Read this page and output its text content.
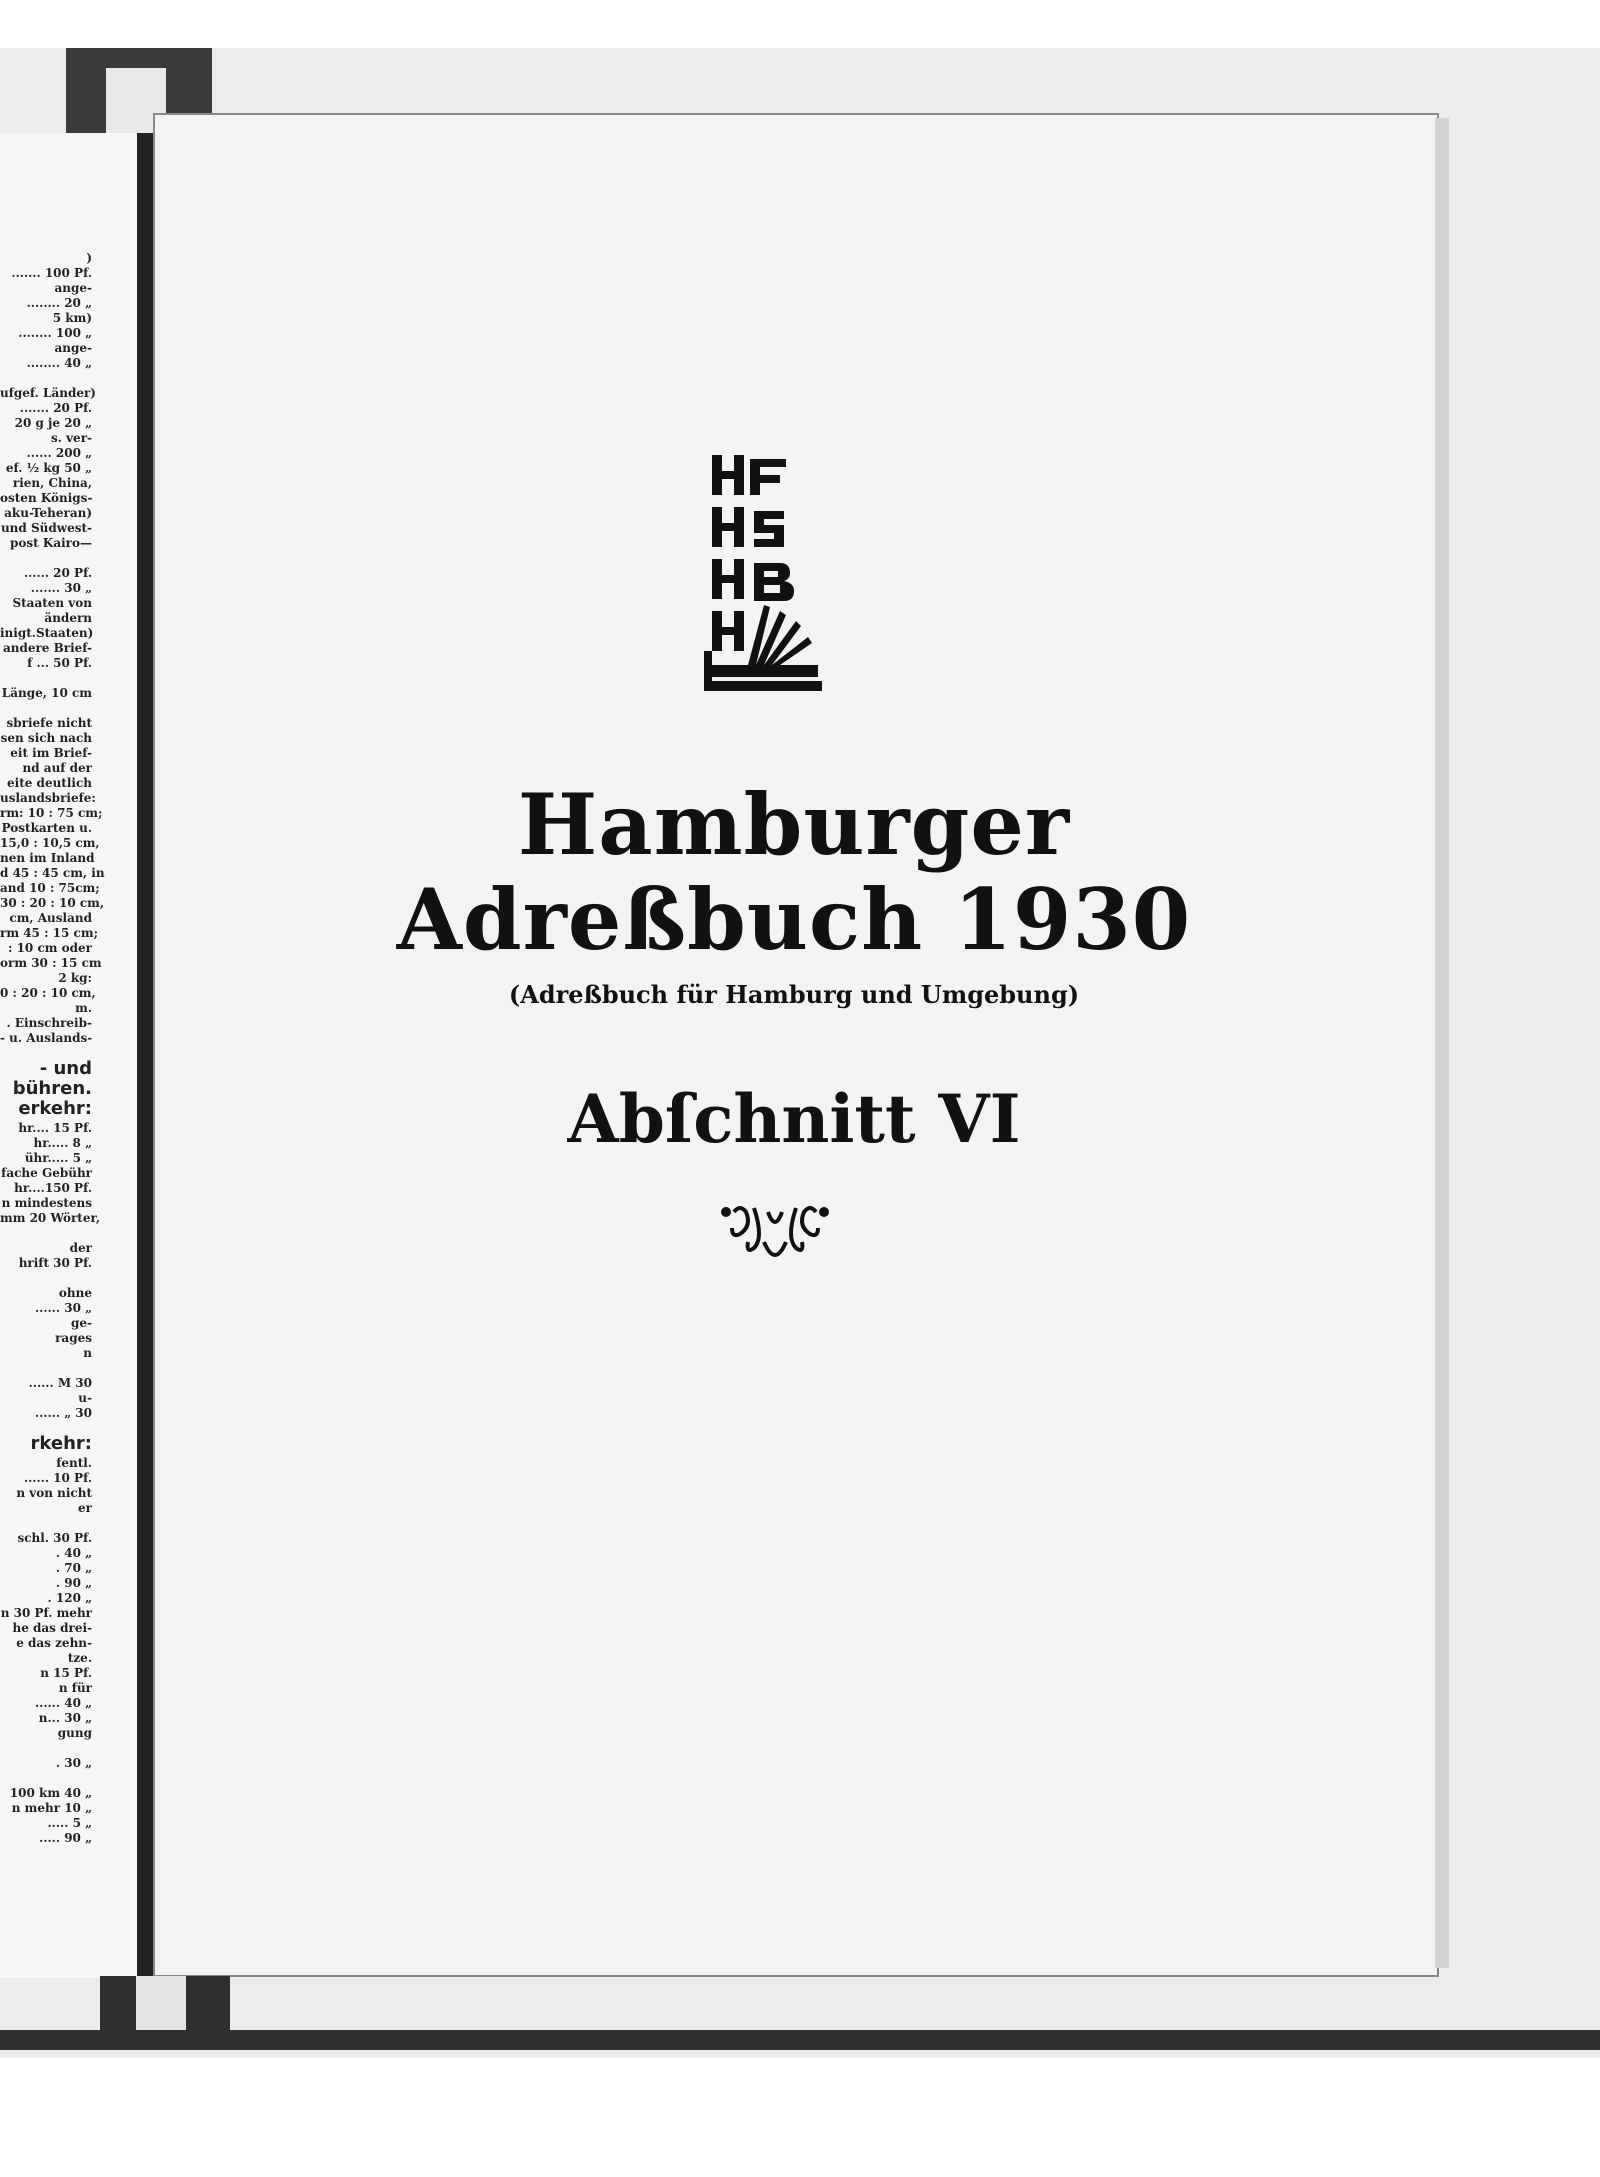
)
....... 100 Pf.
ange-
........ 20 „
5 km)
........ 100 „
ange-
........ 40 „
ufgef. Länder)
....... 20 Pf.
20 g je 20 „
s. ver-
...... 200 „
ef. ½ kg 50 „
rien, China,
osten Königs-
aku-Teheran)
und Südwest-
post Kairo—
...... 20 Pf.
....... 30 „
Staaten von
ändern
inigt.Staaten)
andere Brief-
f ... 50 Pf.
Länge, 10 cm
sbriefe nicht
sen sich nach
eit im Brief-
nd auf der
eite deutlich
uslandsbriefe:
rm: 10 : 75 cm;
Postkarten u.
15,0 : 10,5 cm,
nen im Inland
d 45 : 45 cm, in
and 10 : 75cm;
30 : 20 : 10 cm,
cm, Ausland
rm 45 : 15 cm;
: 10 cm oder
orm 30 : 15 cm
2 kg:
0 : 20 : 10 cm,
m.
. Einschreib-
- u. Auslands-
- und
bühren.
erkehr:
hr.... 15 Pf.
hr..... 8 „
ühr..... 5 „
fache Gebühr
hr....150 Pf.
n mindestens
mm 20 Wörter,
der
hrift 30 Pf.
ohne
...... 30 „
ge-
rages
n
...... M 30
u-
...... „ 30
rkehr:
fentl.
...... 10 Pf.
n von nicht
er
schl. 30 Pf.
. 40 „
. 70 „
. 90 „
. 120 „
n 30 Pf. mehr
he das drei-
e das zehn-
tze.
n 15 Pf.
n für
...... 40 „
n... 30 „
gung
. 30 „
100 km 40 „
n mehr 10 „
..... 5 „
..... 90 „
Hamburger
Adreßbuch 1930
(Adreßbuch für Hamburg und Umgebung)
Abſchnitt VI
